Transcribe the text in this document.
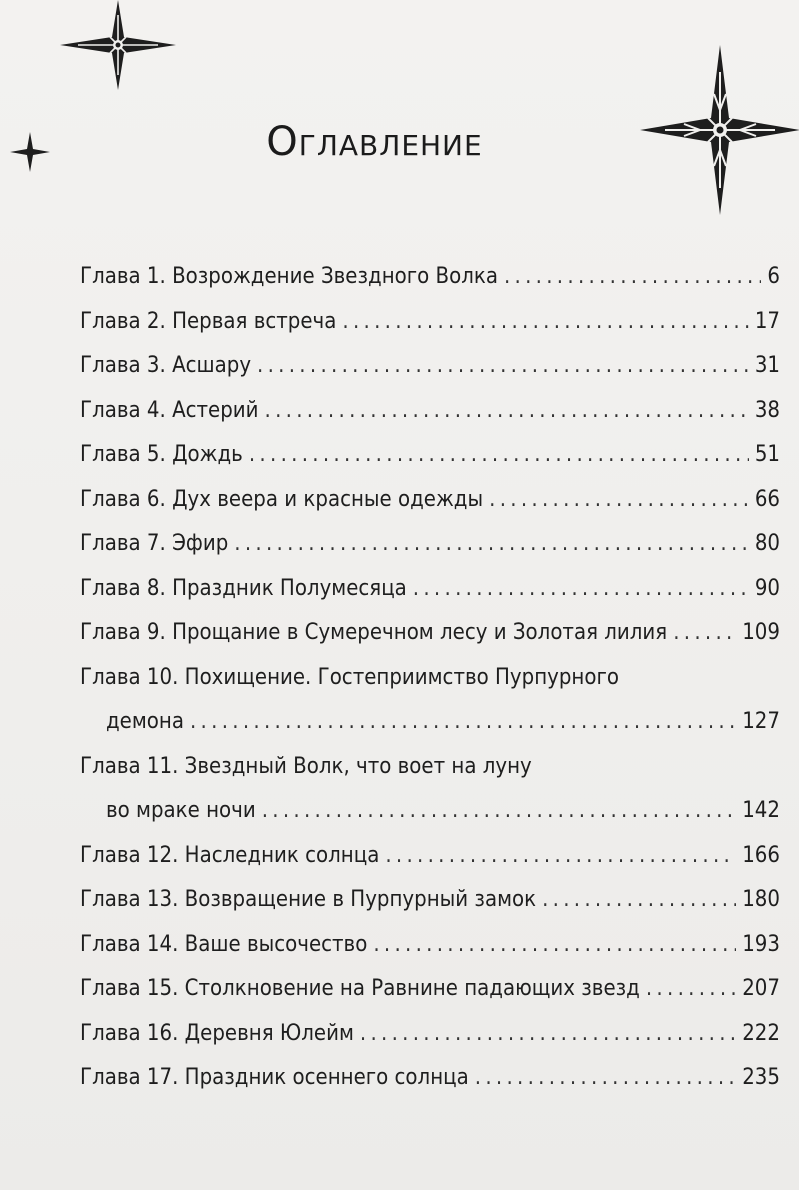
Оглавление
Глава 1. Возрождение Звездного Волка . . .	6
Глава 2. Первая встреча . . .	17
Глава 3. Асшару . . .	31
Глава 4. Астерий . . .	38
Глава 5. Дождь . . .	51
Глава 6. Дух веера и красные одежды . . .	66
Глава 7. Эфир . . .	80
Глава 8. Праздник Полумесяца . . .	90
Глава 9. Прощание в Сумеречном лесу и Золотая лилия . . .	109
Глава 10. Похищение. Гостеприимство Пурпурного
демона . . .	127
Глава 11. Звездный Волк, что воет на луну
во мраке ночи . . .	142
Глава 12. Наследник солнца . . .	166
Глава 13. Возвращение в Пурпурный замок . . .	180
Глава 14. Ваше высочество . . .	193
Глава 15. Столкновение на Равнине падающих звезд . . .	207
Глава 16. Деревня Юлейм . . .	222
Глава 17. Праздник осеннего солнца . . .	235
